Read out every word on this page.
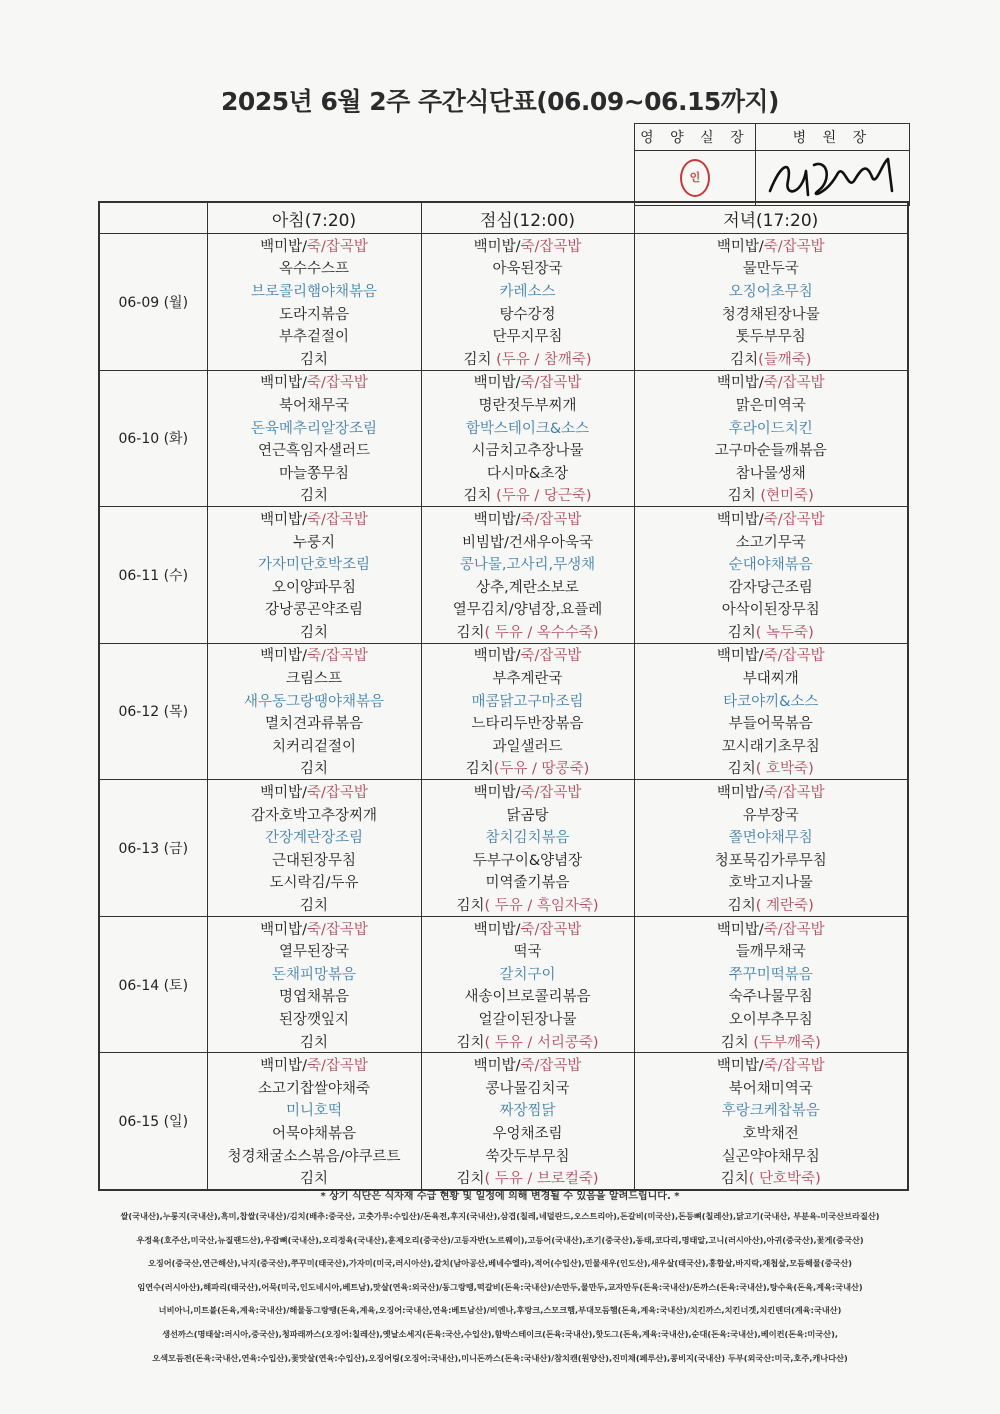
2025년 6월 2주 주간식단표(06.09~06.15까지)
영 양 실 장	병 원 장
인	
	아침(7:20)	점심(12:00)	저녁(17:20)
06-09 (월)	백미밥/죽/잡곡밥	백미밥/죽/잡곡밥	백미밥/죽/잡곡밥
	옥수수스프	아욱된장국	물만두국
	브로콜리햄야채볶음	카레소스	오징어초무침
	도라지볶음	탕수강정	청경채된장나물
	부추겉절이	단무지무침	톳두부무침
	김치	김치 (두유 / 참깨죽)	김치(들깨죽)
06-10 (화)	백미밥/죽/잡곡밥	백미밥/죽/잡곡밥	백미밥/죽/잡곡밥
	북어채무국	명란젓두부찌개	맑은미역국
	돈육메추리알장조림	함박스테이크&소스	후라이드치킨
	연근흑임자샐러드	시금치고추장나물	고구마순들깨볶음
	마늘쫑무침	다시마&초장	참나물생채
	김치	김치 (두유 / 당근죽)	김치 (현미죽)
06-11 (수)	백미밥/죽/잡곡밥	백미밥/죽/잡곡밥	백미밥/죽/잡곡밥
	누룽지	비빔밥/건새우아욱국	소고기무국
	가자미단호박조림	콩나물,고사리,무생채	순대야채볶음
	오이양파무침	상추,계란소보로	감자당근조림
	강낭콩곤약조림	열무김치/양념장,요플레	아삭이된장무침
	김치	김치( 두유 / 옥수수죽)	김치( 녹두죽)
06-12 (목)	백미밥/죽/잡곡밥	백미밥/죽/잡곡밥	백미밥/죽/잡곡밥
	크림스프	부추계란국	부대찌개
	새우동그랑땡야채볶음	매콤닭고구마조림	타코야끼&소스
	멸치견과류볶음	느타리두반장볶음	부들어묵볶음
	치커리겉절이	과일샐러드	꼬시래기초무침
	김치	김치(두유 / 땅콩죽)	김치( 호박죽)
06-13 (금)	백미밥/죽/잡곡밥	백미밥/죽/잡곡밥	백미밥/죽/잡곡밥
	감자호박고추장찌개	닭곰탕	유부장국
	간장계란장조림	참치김치볶음	쫄면야채무침
	근대된장무침	두부구이&양념장	청포묵김가루무침
	도시락김/두유	미역줄기볶음	호박고지나물
	김치	김치( 두유 / 흑임자죽)	김치( 계란죽)
06-14 (토)	백미밥/죽/잡곡밥	백미밥/죽/잡곡밥	백미밥/죽/잡곡밥
	열무된장국	떡국	들깨무채국
	돈채피망볶음	갈치구이	쭈꾸미떡볶음
	명엽채볶음	새송이브로콜리볶음	숙주나물무침
	된장깻잎지	얼갈이된장나물	오이부추무침
	김치	김치( 두유 / 서리콩죽)	김치 (두부깨죽)
06-15 (일)	백미밥/죽/잡곡밥	백미밥/죽/잡곡밥	백미밥/죽/잡곡밥
	소고기찹쌀야채죽	콩나물김치국	북어채미역국
	미니호떡	짜장찜닭	후랑크케찹볶음
	어묵야채볶음	우엉채조림	호박채전
	청경채굴소스볶음/야쿠르트	쑥갓두부무침	실곤약야채무침
	김치	김치( 두유 / 브로컬죽)	김치( 단호박죽)
* 상기 식단은 식자재 수급 현황 및 일정에 의해 변경될 수 있음을 알려드립니다. *
쌀(국내산),누룽지(국내산),흑미,찹쌀(국내산)/김치(배추:중국산, 고춧가루:수입산)/돈육전,후지(국내산),삼겹(칠레,네덜란드,오스트리아),돈갈비(미국산),돈등뼈(칠레산),닭고기(국내산, 부분육-미국산브라질산)
우정육(호주산,미국산,뉴질랜드산),우잡뼈(국내산),오리정육(국내산),훈제오리(중국산)/고등자반(노르웨이),고등어(국내산),조기(중국산),동태,코다리,명태알,고니(러시아산),아귀(중국산),꽃게(중국산)
오징어(중국산,연근해산),낙지(중국산),쭈꾸미(태국산),가자미(미국,러시아산),갈치(남아공산,베네수엘라),적어(수입산),민물새우(인도산),새우살(태국산),홍합살,바지락,재첩살,모듬해물(중국산)
임연수(러시아산),해파리(태국산),어묵(미국,인도네시아,베트남),맛살(연육:외국산)/동그랑땡,떡갈비(돈육:국내산)/손만두,물만두,교자만두(돈육:국내산)/돈까스(돈육:국내산),탕수육(돈육,계육:국내산)
너비아니,미트볼(돈육,계육:국내산)/해물동그랑땡(돈육,계육,오징어:국내산,연육:베트남산)/비엔나,후랑크,스모크햄,부대모듬햄(돈육,계육:국내산)/치킨까스,치킨너겟,치킨텐더(계육:국내산)
생선까스(명태살:러시아,중국산),청파래까스(오징어:칠레산),옛날소세지(돈육:국산,수입산),함박스테이크(돈육:국내산),핫도그(돈육,계육:국내산),순대(돈육:국내산),베이컨(돈육:미국산),
오색모듬전(돈육:국내산,연육:수입산),꽃맛살(연육:수입산),오징어링(오징어:국내산),미니돈까스(돈육:국내산)/참치캔(원양산),진미채(페루산),콩비지(국내산) 두부(외국산:미국,호주,캐나다산)
